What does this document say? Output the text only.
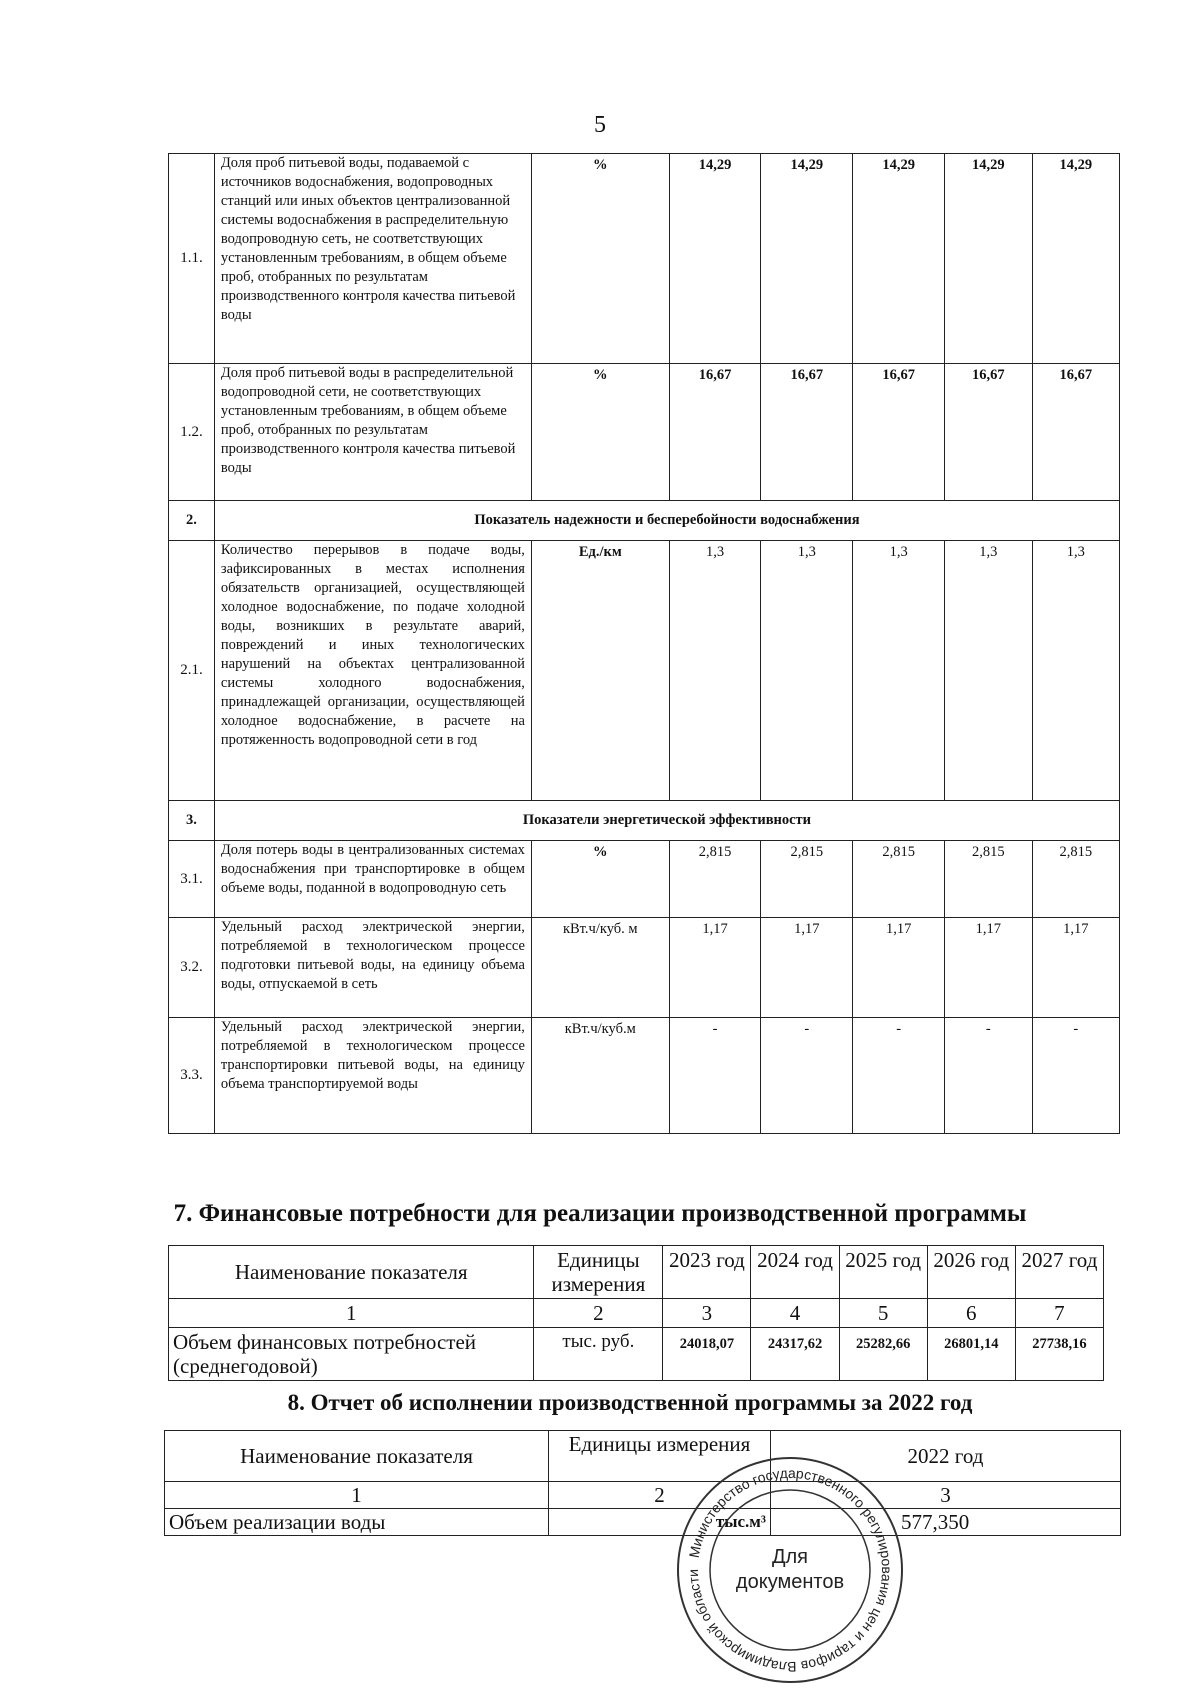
5
1.1.	Доля проб питьевой воды, подаваемой с источников водоснабжения, водопроводных станций или иных объектов централизованной системы водоснабжения в распределительную водопроводную сеть, не соответствующих установленным требованиям, в общем объеме проб, отобранных по результатам производственного контроля качества питьевой воды	%	14,29	14,29	14,29	14,29	14,29
1.2.	Доля проб питьевой воды в распределительной водопроводной сети, не соответствующих установленным требованиям, в общем объеме проб, отобранных по результатам производственного контроля качества питьевой воды	%	16,67	16,67	16,67	16,67	16,67
2.	Показатель надежности и бесперебойности водоснабжения						
2.1.	Количество перерывов в подаче воды, зафиксированных в местах исполнения обязательств организацией, осуществляющей холодное водоснабжение, по подаче холодной воды, возникших в результате аварий, повреждений и иных технологических нарушений на объектах централизованной системы холодного водоснабжения, принадлежащей организации, осуществляющей холодное водоснабжение, в расчете на протяженность водопроводной сети в год	Ед./км	1,3	1,3	1,3	1,3	1,3
3.	Показатели энергетической эффективности						
3.1.	Доля потерь воды в централизованных системах водоснабжения при транспортировке в общем объеме воды, поданной в водопроводную сеть	%	2,815	2,815	2,815	2,815	2,815
3.2.	Удельный расход электрической энергии, потребляемой в технологическом процессе подготовки питьевой воды, на единицу объема воды, отпускаемой в сеть	кВт.ч/куб. м	1,17	1,17	1,17	1,17	1,17
3.3.	Удельный расход электрической энергии, потребляемой в технологическом процессе транспортировки питьевой воды, на единицу объема транспортируемой воды	кВт.ч/куб.м	-	-	-	-	-
7. Финансовые потребности для реализации производственной программы
Наименование показателя	Единицы измерения	2023 год	2024 год	2025 год	2026 год	2027 год
1	2	3	4	5	6	7
Объем финансовых потребностей (среднегодовой)	тыс. руб.	24018,07	24317,62	25282,66	26801,14	27738,16
8. Отчет об исполнении производственной программы за 2022 год
Наименование показателя	Единицы измерения	2022 год
1	2	3
Объем реализации воды	тыс.м³	577,350
Министерство государственного регулирования цен и тарифов Владимирской области
Для
документов
